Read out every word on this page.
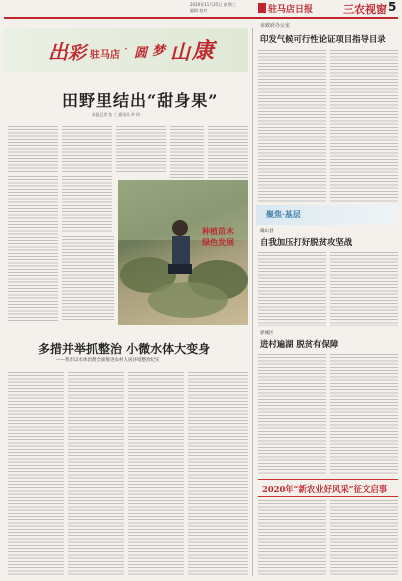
2020年11月25日 星期三
编辑 校对	驻马店日报	三农视窗 5
出 彩 驻马店 · 圆 梦 山 康
田野里结出“甜身果”
本报记者 张 三 通讯员 李 四
种植苗木
绿色发展
多措并举抓整治 小微水体大变身
——我市以水体治理全面推进农村人居环境整治纪实
市政府办公室
印发气候可行性论证项目指导目录
聚焦·基层
确山县
自我加压打好脱贫攻坚战
驿城区
进村遍湖 脱贫有保障
2020年“新农业好风采”征文启事
